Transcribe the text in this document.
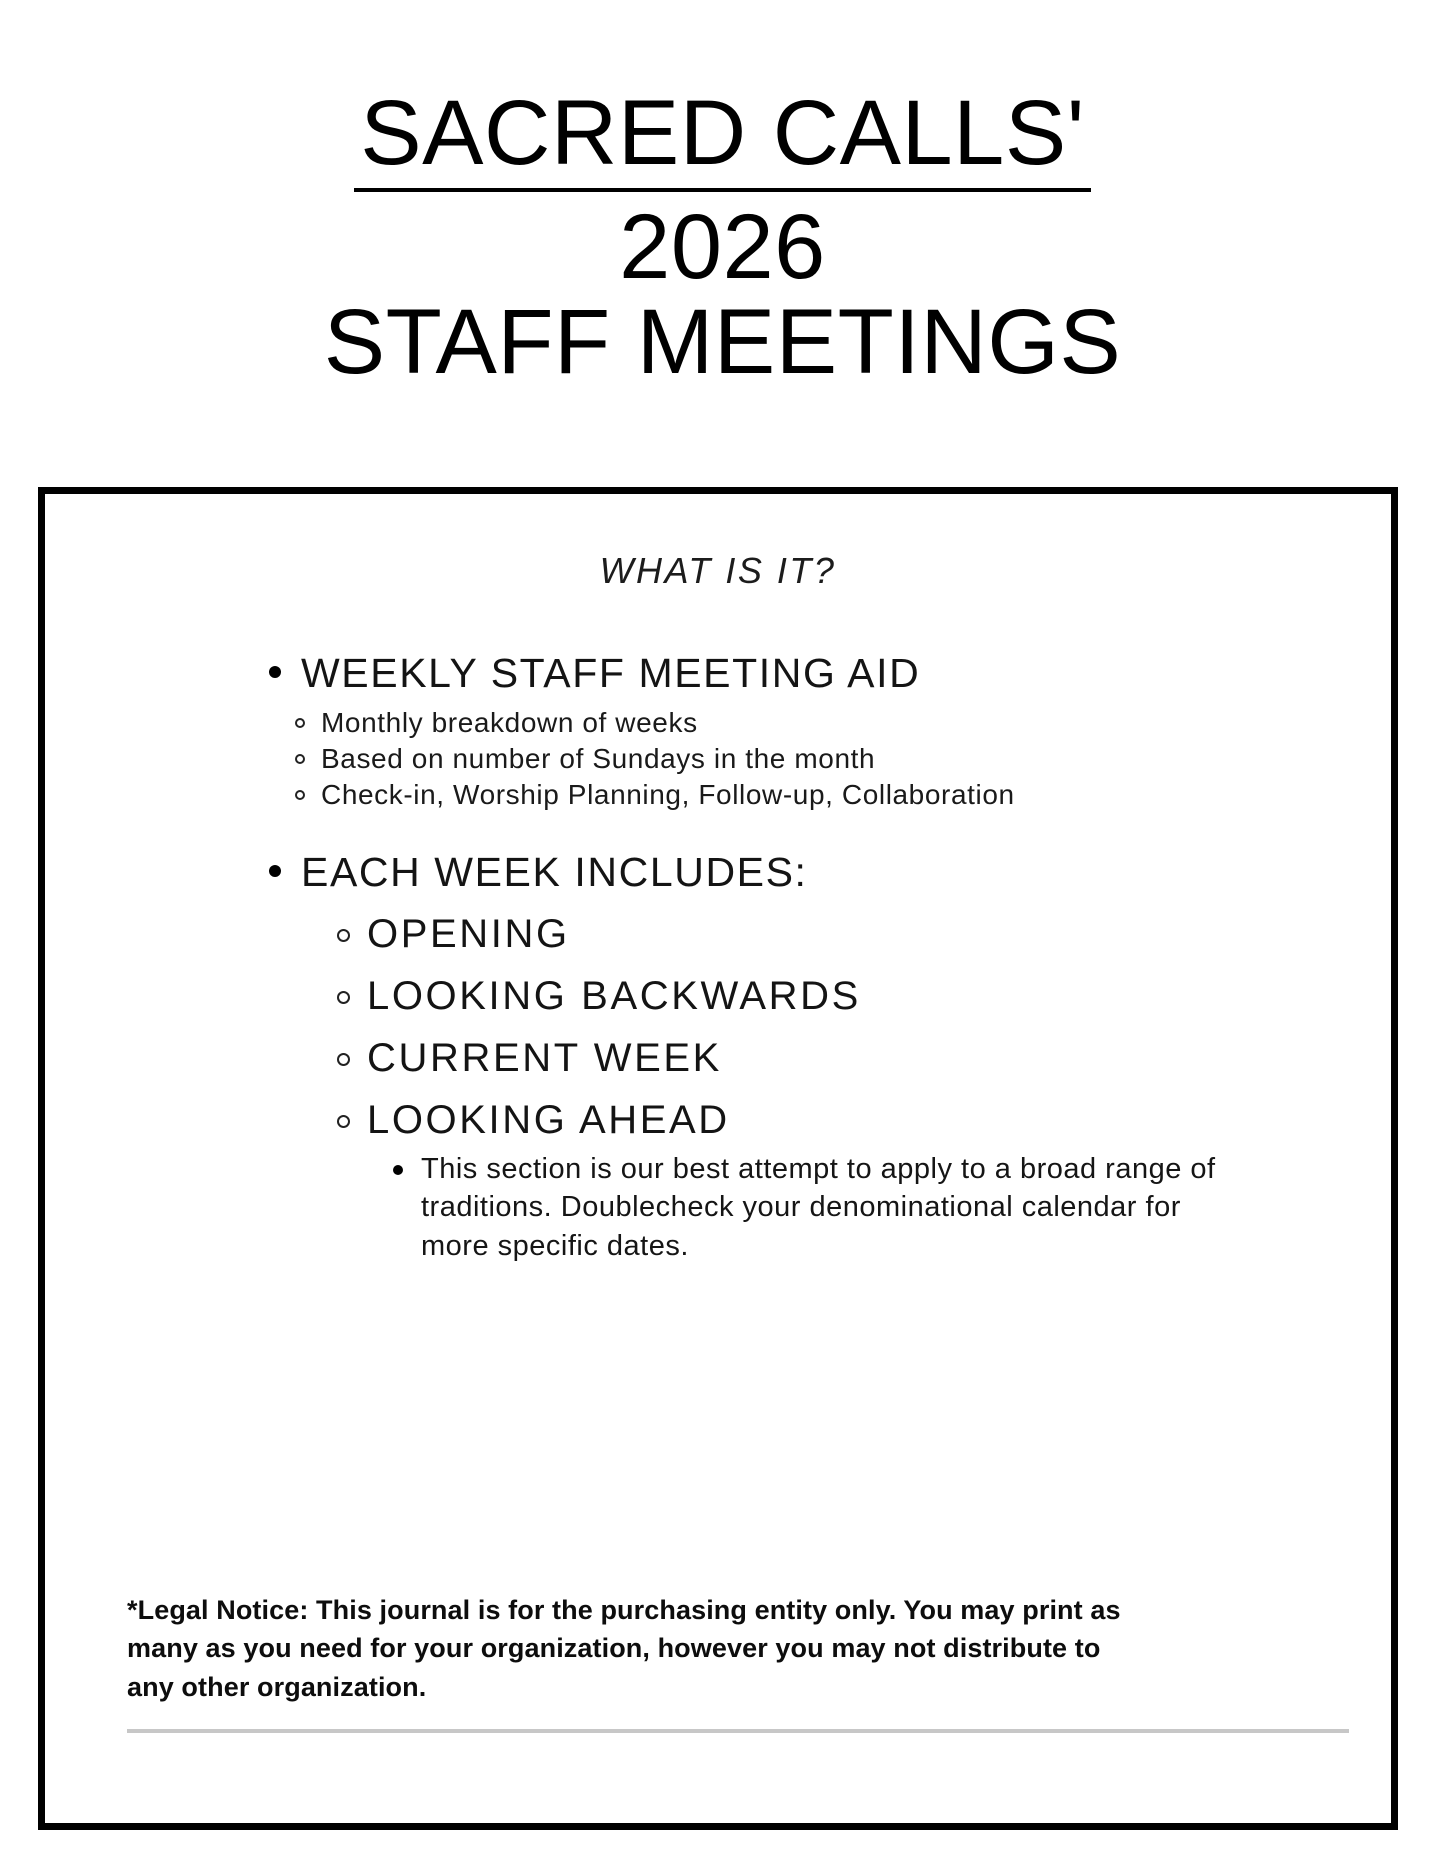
SACRED CALLS'
2026
STAFF MEETINGS
WHAT IS IT?
WEEKLY STAFF MEETING AID
Monthly breakdown of weeks
Based on number of Sundays in the month
Check-in, Worship Planning, Follow-up, Collaboration
EACH WEEK INCLUDES:
OPENING
LOOKING BACKWARDS
CURRENT WEEK
LOOKING AHEAD
This section is our best attempt to apply to a broad range of traditions. Doublecheck your denominational calendar for more specific dates.
*Legal Notice: This journal is for the purchasing entity only. You may print as many as you need for your organization, however you may not distribute to any other organization.
